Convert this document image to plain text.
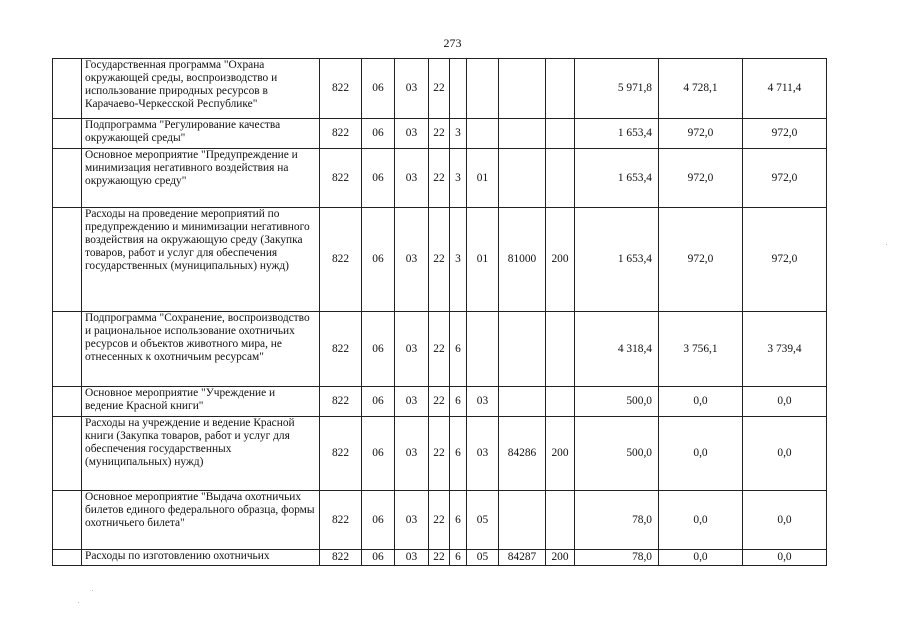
273
	Государственная программа "Охрана окружающей среды, воспроизводство и использование природных ресурсов в Карачаево-Черкесской Республике"	822	06	03	22					5 971,8	4 728,1	4 711,4
	Подпрограмма "Регулирование качества окружающей среды"	822	06	03	22	3				1 653,4	972,0	972,0
	Основное мероприятие "Предупреждение и минимизация негативного воздействия на окружающую среду"	822	06	03	22	3	01			1 653,4	972,0	972,0
	Расходы на проведение мероприятий по предупреждению и минимизации негативного воздействия на окружающую среду (Закупка товаров, работ и услуг для обеспечения государственных (муниципальных) нужд)	822	06	03	22	3	01	81000	200	1 653,4	972,0	972,0
	Подпрограмма "Сохранение, воспроизводство и рациональное использование охотничьих ресурсов и объектов животного мира, не отнесенных к охотничьим ресурсам"	822	06	03	22	6				4 318,4	3 756,1	3 739,4
	Основное мероприятие "Учреждение и ведение Красной книги"	822	06	03	22	6	03			500,0	0,0	0,0
	Расходы на учреждение и ведение Красной книги (Закупка товаров, работ и услуг для обеспечения государственных (муниципальных) нужд)	822	06	03	22	6	03	84286	200	500,0	0,0	0,0
	Основное мероприятие "Выдача охотничьих билетов единого федерального образца, формы охотничьего билета"	822	06	03	22	6	05			78,0	0,0	0,0
	Расходы по изготовлению охотничьих	822	06	03	22	6	05	84287	200	78,0	0,0	0,0
